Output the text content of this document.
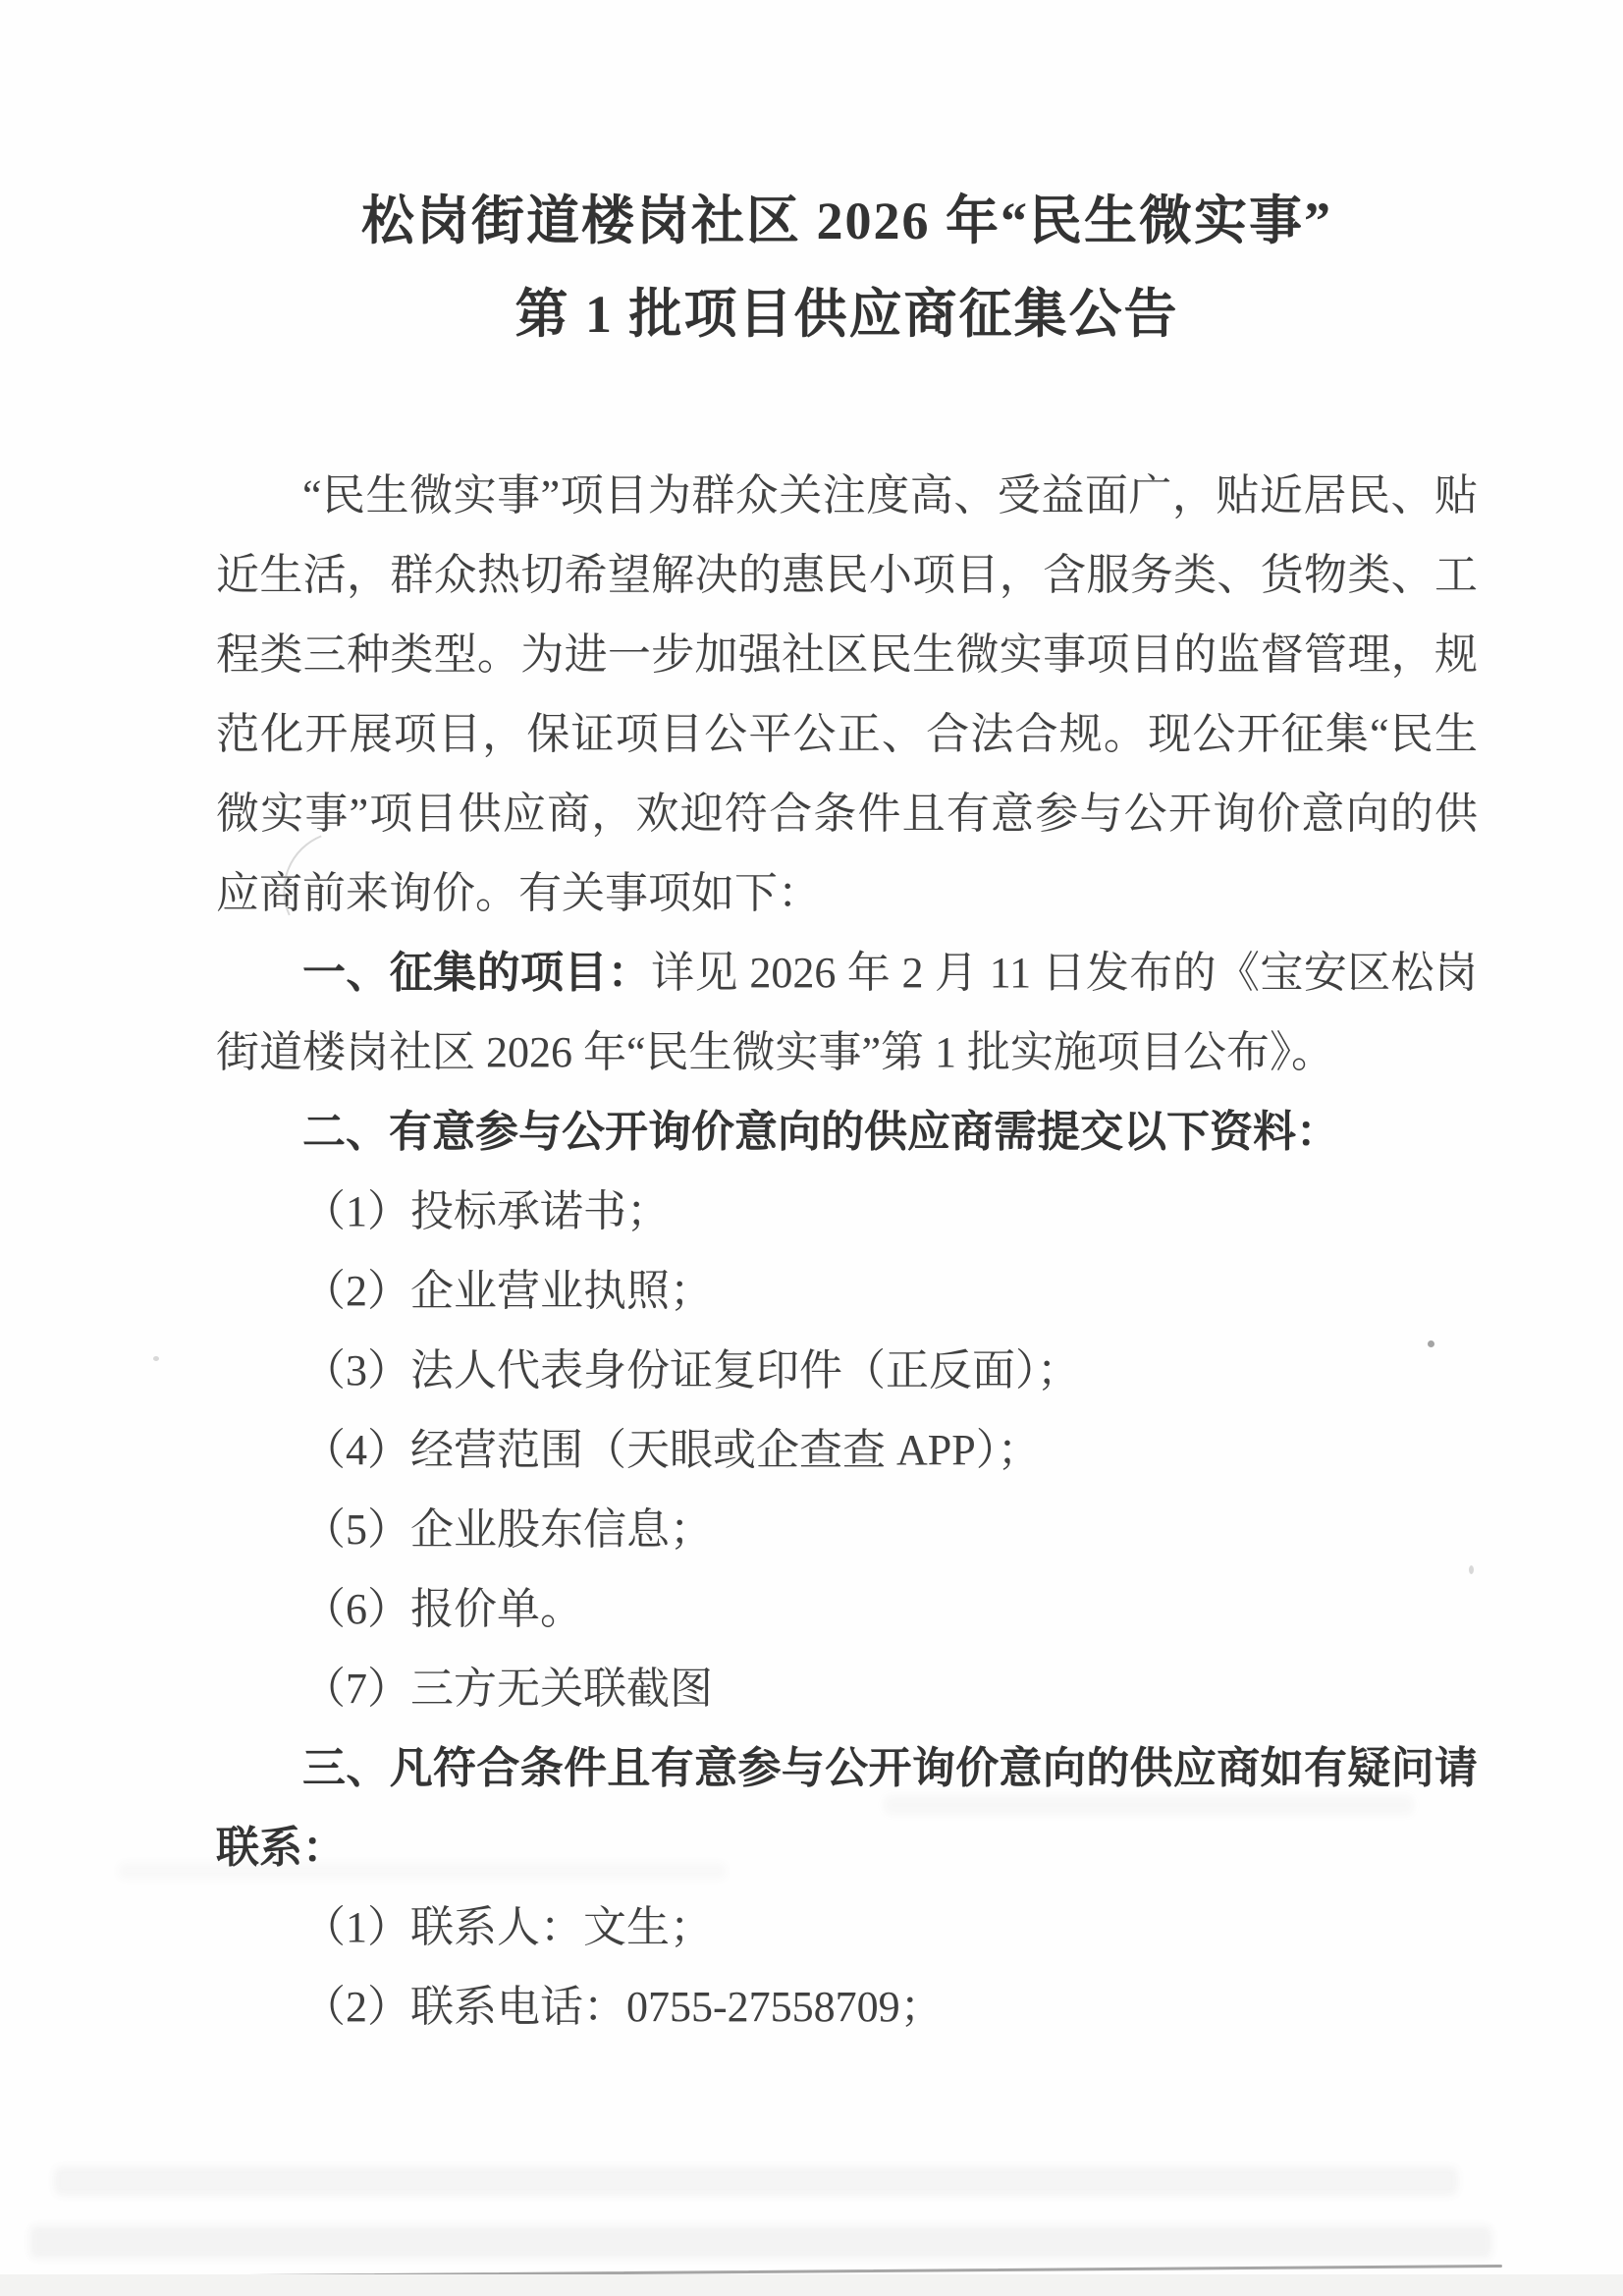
松岗街道楼岗社区 2026 年“民生微实事”
第 1 批项目供应商征集公告

“民生微实事”项目为群众关注度高、受益面广，贴近居民、贴近生活，群众热切希望解决的惠民小项目，含服务类、货物类、工程类三种类型。为进一步加强社区民生微实事项目的监督管理，规范化开展项目，保证项目公平公正、合法合规。现公开征集“民生微实事”项目供应商，欢迎符合条件且有意参与公开询价意向的供应商前来询价。有关事项如下：

一、征集的项目：详见 2026 年 2 月 11 日发布的《宝安区松岗街道楼岗社区 2026 年“民生微实事”第 1 批实施项目公布》。

二、有意参与公开询价意向的供应商需提交以下资料：

（1）投标承诺书；

（2）企业营业执照；

（3）法人代表身份证复印件（正反面）；

（4）经营范围（天眼或企查查 APP）；

（5）企业股东信息；

（6）报价单。

（7）三方无关联截图

三、凡符合条件且有意参与公开询价意向的供应商如有疑问请联系：

（1）联系人：文生；

（2）联系电话：0755-27558709；
